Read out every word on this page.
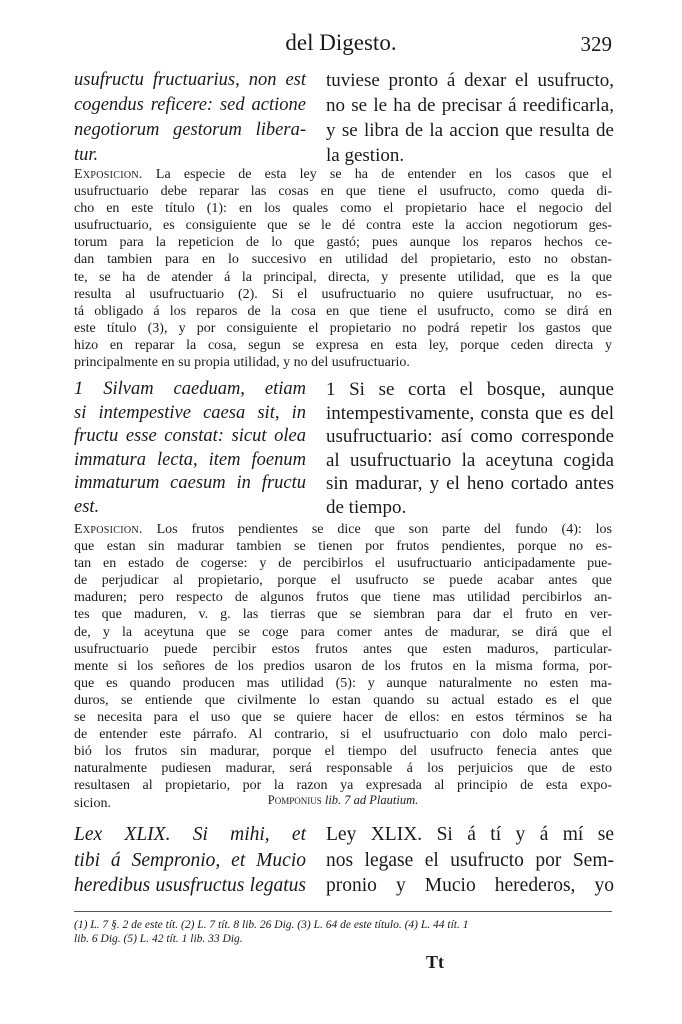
del Digesto.	329
usufructu fructuarius, non est
cogendus reficere: sed actione
negotiorum gestorum libera-
tur.
tuviese pronto á dexar el usufructo,
no se le ha de precisar á reedificarla,
y se libra de la accion que resulta de
la gestion.
Exposicion. La especie de esta ley se ha de entender en los casos que el
usufructuario debe reparar las cosas en que tiene el usufructo, como queda di-
cho en este título (1): en los quales como el propietario hace el negocio del
usufructuario, es consiguiente que se le dé contra este la accion negotiorum ges-
torum para la repeticion de lo que gastó; pues aunque los reparos hechos ce-
dan tambien para en lo succesivo en utilidad del propietario, esto no obstan-
te, se ha de atender á la principal, directa, y presente utilidad, que es la que
resulta al usufructuario (2). Si el usufructuario no quiere usufructuar, no es-
tá obligado á los reparos de la cosa en que tiene el usufructo, como se dirá en
este título (3), y por consiguiente el propietario no podrá repetir los gastos que
hizo en reparar la cosa, segun se expresa en esta ley, porque ceden directa y
principalmente en su propia utilidad, y no del usufructuario.
1 Silvam caeduam, etiam
si intempestive caesa sit, in
fructu esse constat: sicut olea
immatura lecta, item foenum
immaturum caesum in fructu
est.
1 Si se corta el bosque, aunque
intempestivamente, consta que es del
usufructuario: así como corresponde
al usufructuario la aceytuna cogida
sin madurar, y el heno cortado antes
de tiempo.
Exposicion. Los frutos pendientes se dice que son parte del fundo (4): los
que estan sin madurar tambien se tienen por frutos pendientes, porque no es-
tan en estado de cogerse: y de percibirlos el usufructuario anticipadamente pue-
de perjudicar al propietario, porque el usufructo se puede acabar antes que
maduren; pero respecto de algunos frutos que tiene mas utilidad percibirlos an-
tes que maduren, v. g. las tierras que se siembran para dar el fruto en ver-
de, y la aceytuna que se coge para comer antes de madurar, se dirá que el
usufructuario puede percibir estos frutos antes que esten maduros, particular-
mente si los señores de los predios usaron de los frutos en la misma forma, por-
que es quando producen mas utilidad (5): y aunque naturalmente no esten ma-
duros, se entiende que civilmente lo estan quando su actual estado es el que
se necesita para el uso que se quiere hacer de ellos: en estos términos se ha
de entender este párrafo. Al contrario, si el usufructuario con dolo malo perci-
bió los frutos sin madurar, porque el tiempo del usufructo fenecia antes que
naturalmente pudiesen madurar, será responsable á los perjuicios que de esto
resultasen al propietario, por la razon ya expresada al principio de esta expo-
sicion.	Pomponius lib. 7 ad Plautium.
Lex XLIX. Si mihi, et
tibi á Sempronio, et Mucio
heredibus ususfructus legatus
Ley XLIX. Si á tí y á mí se
nos legase el usufructo por Sem-
pronio y Mucio herederos, yo
(1) L. 7 §. 2 de este tít. (2) L. 7 tít. 8 lib. 26 Dig. (3) L. 64 de este título. (4) L. 44 tít. 1
lib. 6 Dig. (5) L. 42 tít. 1 lib. 33 Dig.
Tt
